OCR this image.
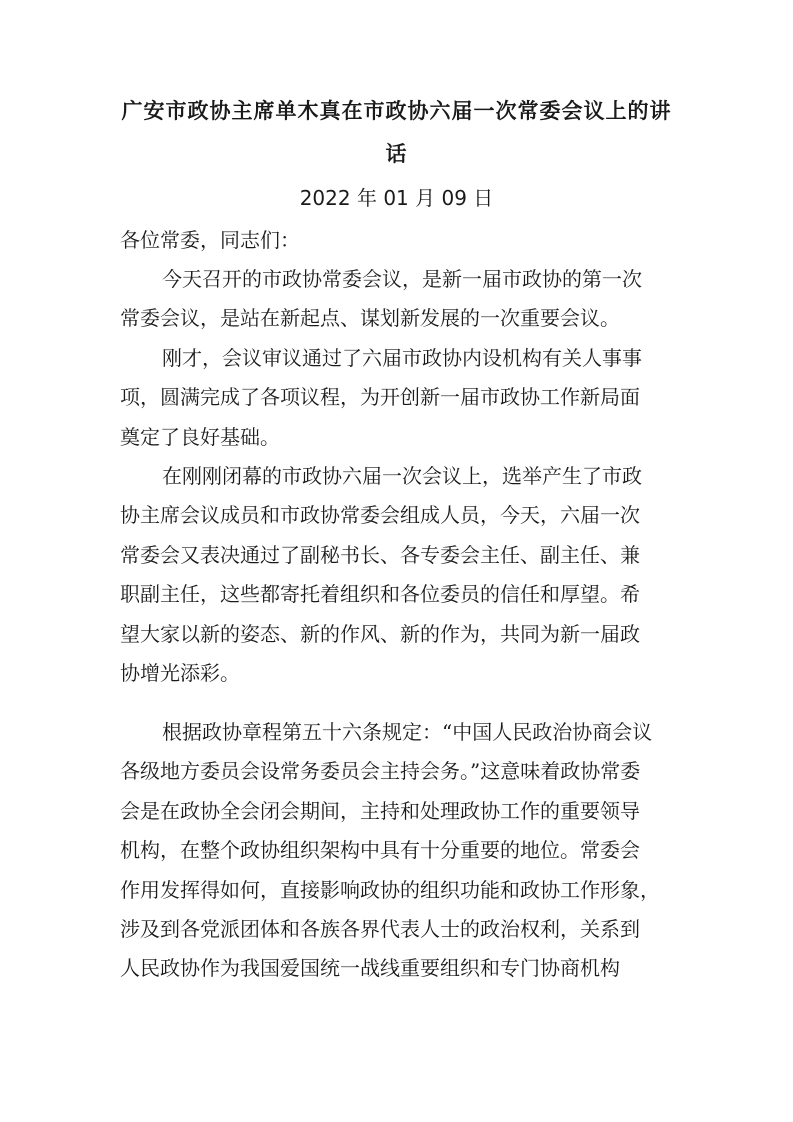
广安市政协主席单木真在市政协六届一次常委会议上的讲
话
2022 年 01 月 09 日

各位常委，同志们：

今天召开的市政协常委会议，是新一届市政协的第一次
常委会议，是站在新起点、谋划新发展的一次重要会议。

刚才，会议审议通过了六届市政协内设机构有关人事事
项，圆满完成了各项议程，为开创新一届市政协工作新局面
奠定了良好基础。

在刚刚闭幕的市政协六届一次会议上，选举产生了市政
协主席会议成员和市政协常委会组成人员，今天，六届一次
常委会又表决通过了副秘书长、各专委会主任、副主任、兼
职副主任，这些都寄托着组织和各位委员的信任和厚望。希
望大家以新的姿态、新的作风、新的作为，共同为新一届政
协增光添彩。

根据政协章程第五十六条规定：“中国人民政治协商会议
各级地方委员会设常务委员会主持会务。”这意味着政协常委
会是在政协全会闭会期间，主持和处理政协工作的重要领导
机构，在整个政协组织架构中具有十分重要的地位。常委会
作用发挥得如何，直接影响政协的组织功能和政协工作形象，
涉及到各党派团体和各族各界代表人士的政治权利，关系到
人民政协作为我国爱国统一战线重要组织和专门协商机构
